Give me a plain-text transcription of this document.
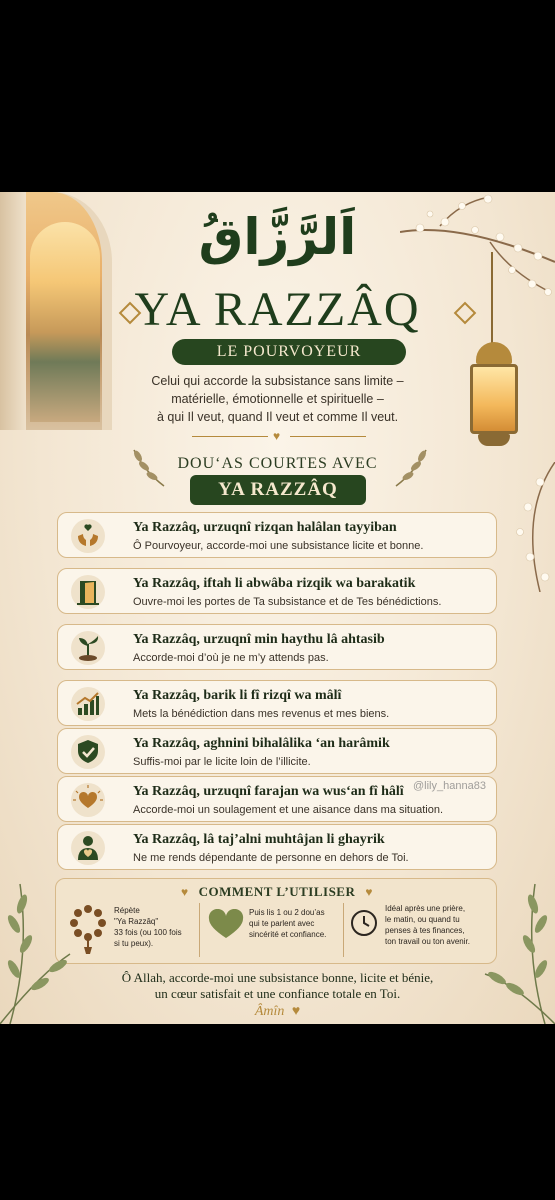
اَلرَّزَّاقُ
YA RAZZÂQ
LE POURVOYEUR
Celui qui accorde la subsistance sans limite –
matérielle, émotionnelle et spirituelle –
à qui Il veut, quand Il veut et comme Il veut.
♥
DOU‘AS COURTES AVEC
YA RAZZÂQ
Ya Razzâq, urzuqnî rizqan halâlan tayyiban
Ô Pourvoyeur, accorde-moi une subsistance licite et bonne.
Ya Razzâq, iftah li abwâba rizqik wa barakatik
Ouvre-moi les portes de Ta subsistance et de Tes bénédictions.
Ya Razzâq, urzuqnî min haythu lâ ahtasib
Accorde-moi d’où je ne m’y attends pas.
Ya Razzâq, barik li fî rizqî wa mâlî
Mets la bénédiction dans mes revenus et mes biens.
Ya Razzâq, aghnini bihalâlika ‘an harâmik
Suffis-moi par le licite loin de l’illicite.
Ya Razzâq, urzuqnî farajan wa wus‘an fî hâlî
Accorde-moi un soulagement et une aisance dans ma situation.
Ya Razzâq, lâ taj’alni muhtâjan li ghayrik
Ne me rends dépendante de personne en dehors de Toi.
@lily_hanna83
♥ COMMENT L’UTILISER ♥
Répète
"Ya Razzâq"
33 fois (ou 100 fois
si tu peux).
Puis lis 1 ou 2 dou’as
qui te parlent avec
sincérité et confiance.
Idéal après une prière,
le matin, ou quand tu
penses à tes finances,
ton travail ou ton avenir.
Ô Allah, accorde-moi une subsistance bonne, licite et bénie,
un cœur satisfait et une confiance totale en Toi.
Âmîn ♥
